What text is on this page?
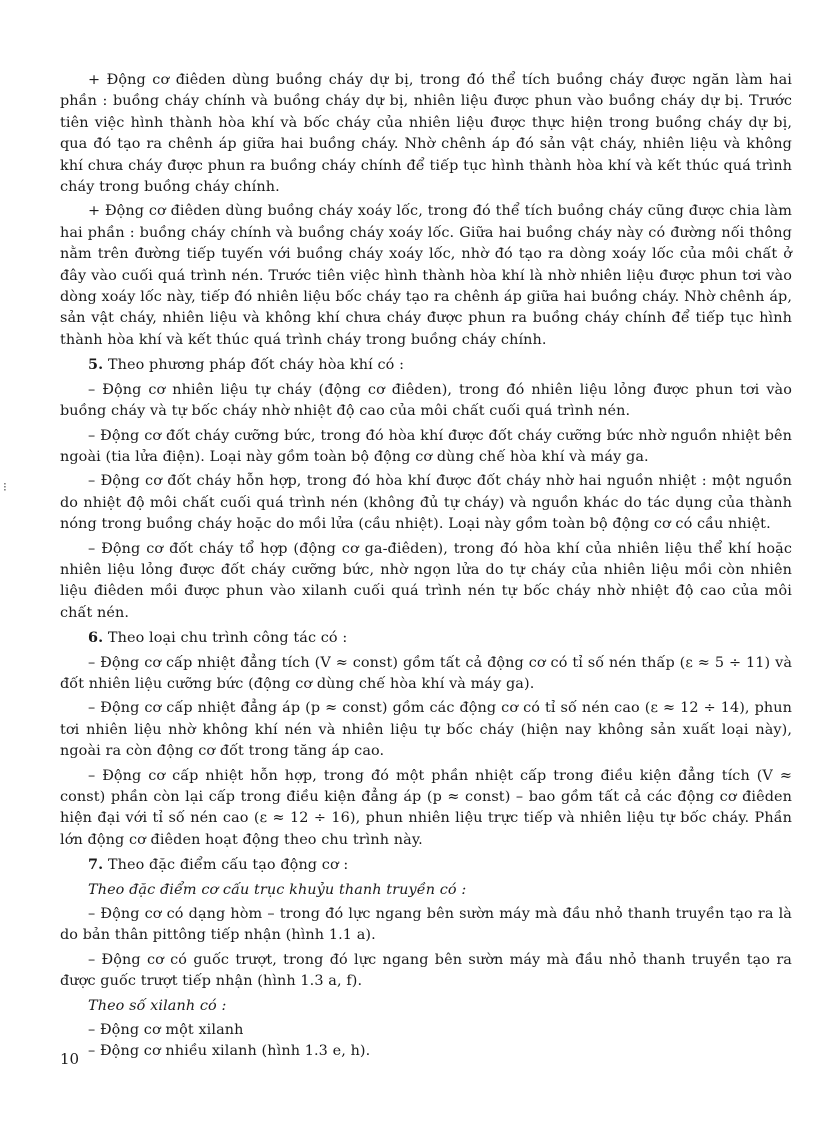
+ Động cơ điêden dùng buồng cháy dự bị, trong đó thể tích buồng cháy được ngăn làm hai phần : buồng cháy chính và buồng cháy dự bị, nhiên liệu được phun vào buồng cháy dự bị. Trước tiên việc hình thành hòa khí và bốc cháy của nhiên liệu được thực hiện trong buồng cháy dự bị, qua đó tạo ra chênh áp giữa hai buồng cháy. Nhờ chênh áp đó sản vật cháy, nhiên liệu và không khí chưa cháy được phun ra buồng cháy chính để tiếp tục hình thành hòa khí và kết thúc quá trình cháy trong buồng cháy chính.

+ Động cơ điêden dùng buồng cháy xoáy lốc, trong đó thể tích buồng cháy cũng được chia làm hai phần : buồng cháy chính và buồng cháy xoáy lốc. Giữa hai buồng cháy này có đường nối thông nằm trên đường tiếp tuyến với buồng cháy xoáy lốc, nhờ đó tạo ra dòng xoáy lốc của môi chất ở đây vào cuối quá trình nén. Trước tiên việc hình thành hòa khí là nhờ nhiên liệu được phun tơi vào dòng xoáy lốc này, tiếp đó nhiên liệu bốc cháy tạo ra chênh áp giữa hai buồng cháy. Nhờ chênh áp, sản vật cháy, nhiên liệu và không khí chưa cháy được phun ra buồng cháy chính để tiếp tục hình thành hòa khí và kết thúc quá trình cháy trong buồng cháy chính.

5. Theo phương pháp đốt cháy hòa khí có :

– Động cơ nhiên liệu tự cháy (động cơ điêden), trong đó nhiên liệu lỏng được phun tơi vào buồng cháy và tự bốc cháy nhờ nhiệt độ cao của môi chất cuối quá trình nén.

– Động cơ đốt cháy cưỡng bức, trong đó hòa khí được đốt cháy cưỡng bức nhờ nguồn nhiệt bên ngoài (tia lửa điện). Loại này gồm toàn bộ động cơ dùng chế hòa khí và máy ga.

– Động cơ đốt cháy hỗn hợp, trong đó hòa khí được đốt cháy nhờ hai nguồn nhiệt : một nguồn do nhiệt độ môi chất cuối quá trình nén (không đủ tự cháy) và nguồn khác do tác dụng của thành nóng trong buồng cháy hoặc do mồi lửa (cầu nhiệt). Loại này gồm toàn bộ động cơ có cầu nhiệt.

– Động cơ đốt cháy tổ hợp (động cơ ga-điêden), trong đó hòa khí của nhiên liệu thể khí hoặc nhiên liệu lỏng được đốt cháy cưỡng bức, nhờ ngọn lửa do tự cháy của nhiên liệu mồi còn nhiên liệu điêden mồi được phun vào xilanh cuối quá trình nén tự bốc cháy nhờ nhiệt độ cao của môi chất nén.

6. Theo loại chu trình công tác có :

– Động cơ cấp nhiệt đẳng tích (V ≈ const) gồm tất cả động cơ có tỉ số nén thấp (ε ≈ 5 ÷ 11) và đốt nhiên liệu cưỡng bức (động cơ dùng chế hòa khí và máy ga).

– Động cơ cấp nhiệt đẳng áp (p ≈ const) gồm các động cơ có tỉ số nén cao (ε ≈ 12 ÷ 14), phun tơi nhiên liệu nhờ không khí nén và nhiên liệu tự bốc cháy (hiện nay không sản xuất loại này), ngoài ra còn động cơ đốt trong tăng áp cao.

– Động cơ cấp nhiệt hỗn hợp, trong đó một phần nhiệt cấp trong điều kiện đẳng tích (V ≈ const) phần còn lại cấp trong điều kiện đẳng áp (p ≈ const) – bao gồm tất cả các động cơ điêden hiện đại với tỉ số nén cao (ε ≈ 12 ÷ 16), phun nhiên liệu trực tiếp và nhiên liệu tự bốc cháy. Phần lớn động cơ điêden hoạt động theo chu trình này.

7. Theo đặc điểm cấu tạo động cơ :

Theo đặc điểm cơ cấu trục khuỷu thanh truyền có :

– Động cơ có dạng hòm – trong đó lực ngang bên sườn máy mà đầu nhỏ thanh truyền tạo ra là do bản thân pittông tiếp nhận (hình 1.1 a).

– Động cơ có guốc trượt, trong đó lực ngang bên sườn máy mà đầu nhỏ thanh truyền tạo ra được guốc trượt tiếp nhận (hình 1.3 a, f).

Theo số xilanh có :

– Động cơ một xilanh

– Động cơ nhiều xilanh (hình 1.3 e, h).

⁝
10
